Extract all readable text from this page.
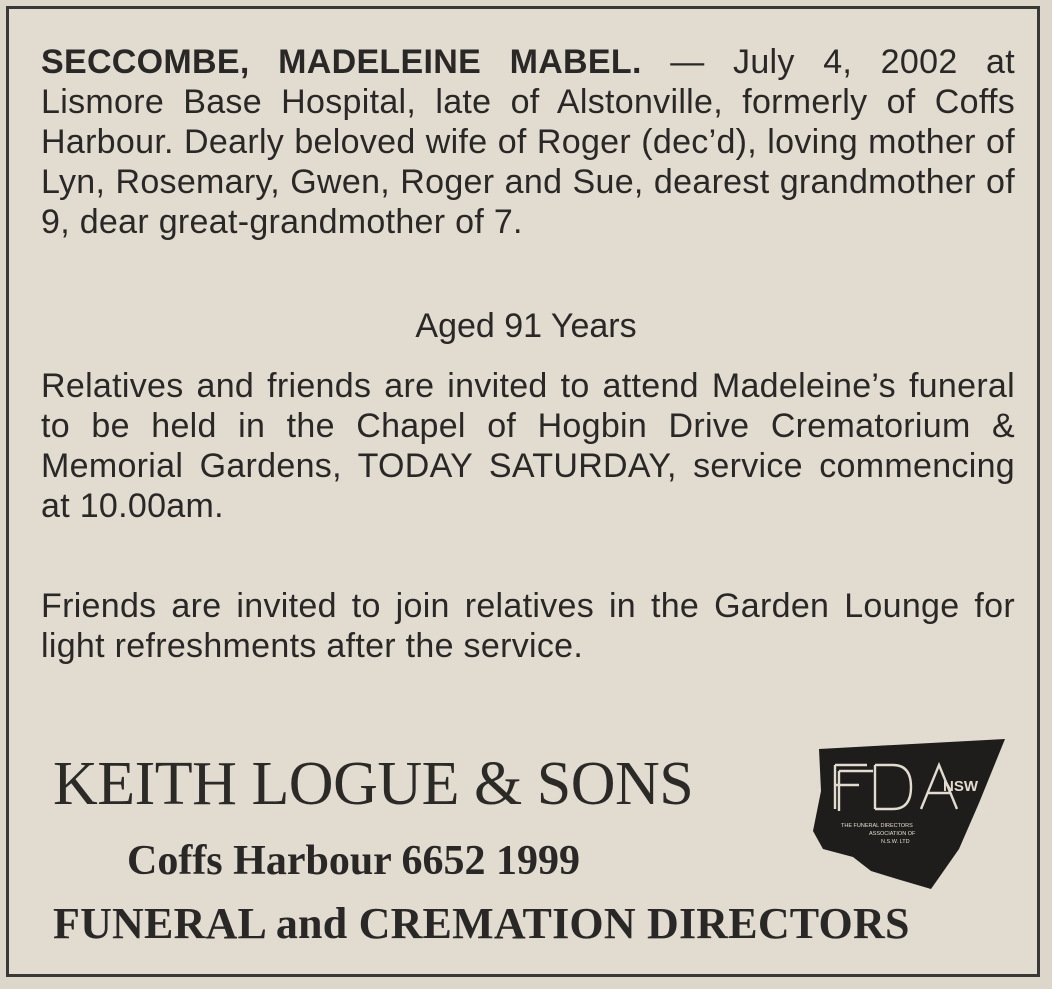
SECCOMBE, MADELEINE MABEL. — July 4, 2002 at Lismore Base Hospital, late of Alstonville, formerly of Coffs Harbour. Dearly beloved wife of Roger (dec’d), loving mother of Lyn, Rosemary, Gwen, Roger and Sue, dearest grandmother of 9, dear great-grandmother of 7.
Aged 91 Years
Relatives and friends are invited to attend Madeleine’s funeral to be held in the Chapel of Hogbin Drive Crematorium & Memorial Gardens, TODAY SATURDAY, service commencing at 10.00am.
Friends are invited to join relatives in the Garden Lounge for light refreshments after the service.
KEITH LOGUE & SONS
Coffs Harbour 6652 1999
FUNERAL and CREMATION DIRECTORS
NSW
THE FUNERAL DIRECTORS
ASSOCIATION OF
N.S.W. LTD
